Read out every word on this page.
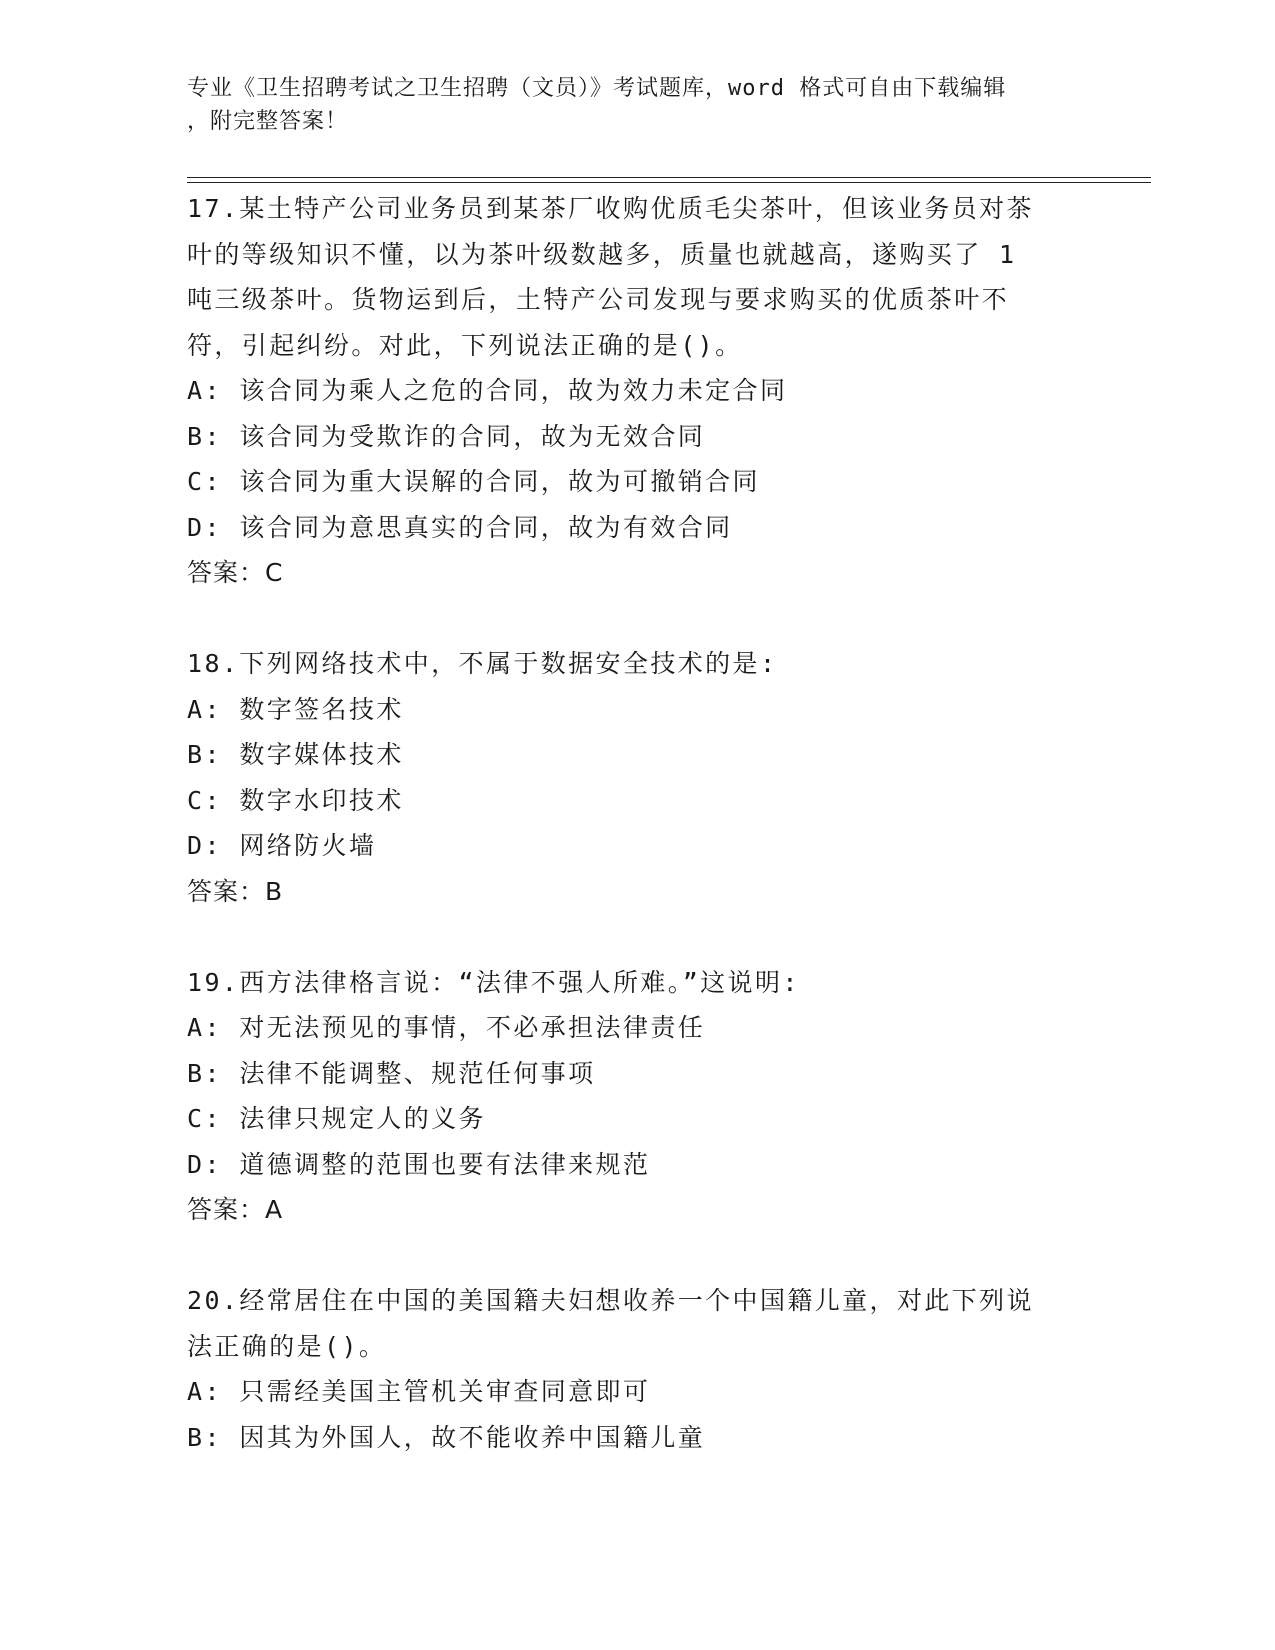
专业《卫生招聘考试之卫生招聘（文员）》考试题库，word 格式可自由下载编辑
，附完整答案！
17.某土特产公司业务员到某茶厂收购优质毛尖茶叶，但该业务员对茶
叶的等级知识不懂，以为茶叶级数越多，质量也就越高，遂购买了 1
吨三级茶叶。货物运到后，土特产公司发现与要求购买的优质茶叶不
符，引起纠纷。对此，下列说法正确的是()。
A: 该合同为乘人之危的合同，故为效力未定合同
B: 该合同为受欺诈的合同，故为无效合同
C: 该合同为重大误解的合同，故为可撤销合同
D: 该合同为意思真实的合同，故为有效合同
答案：C
18.下列网络技术中，不属于数据安全技术的是:
A: 数字签名技术
B: 数字媒体技术
C: 数字水印技术
D: 网络防火墙
答案：B
19.西方法律格言说：“法律不强人所难。”这说明:
A: 对无法预见的事情，不必承担法律责任
B: 法律不能调整、规范任何事项
C: 法律只规定人的义务
D: 道德调整的范围也要有法律来规范
答案：A
20.经常居住在中国的美国籍夫妇想收养一个中国籍儿童，对此下列说
法正确的是()。
A: 只需经美国主管机关审查同意即可
B: 因其为外国人，故不能收养中国籍儿童
